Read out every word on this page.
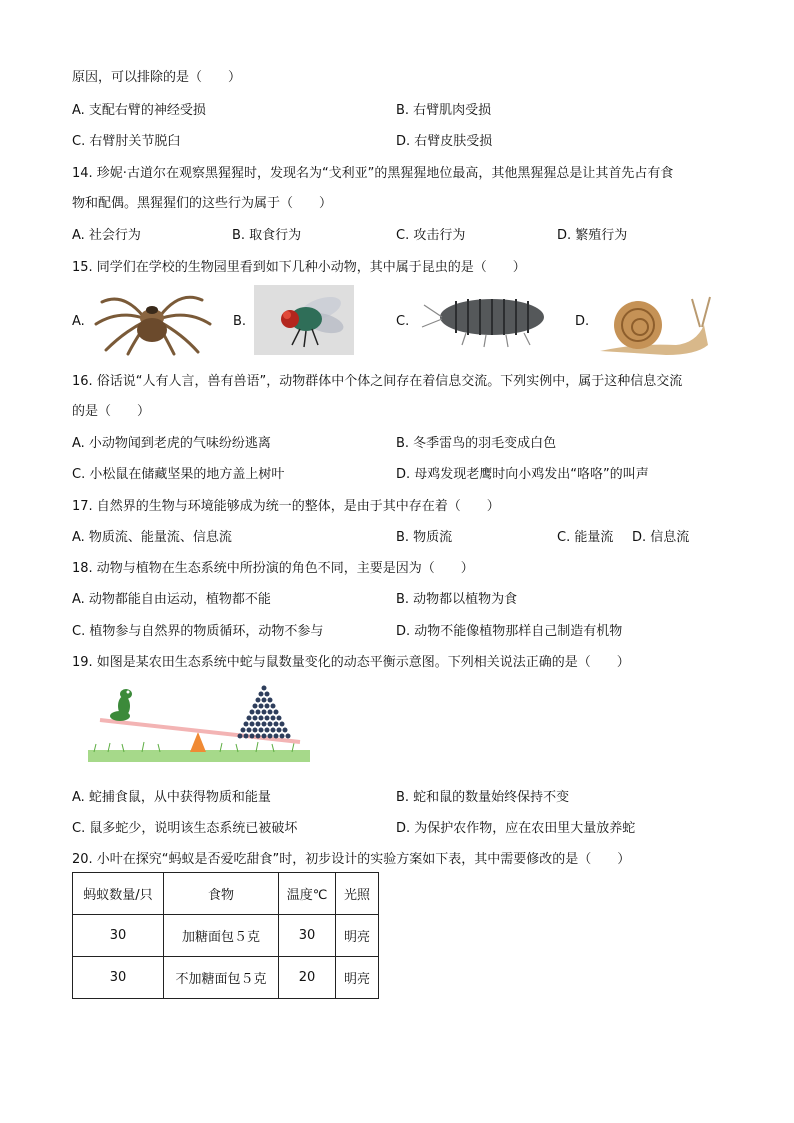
原因，可以排除的是（　　）
A. 支配右臂的神经受损	B. 右臂肌肉受损
C. 右臂肘关节脱臼	D. 右臂皮肤受损
14. 珍妮·古道尔在观察黑猩猩时，发现名为“戈利亚”的黑猩猩地位最高，其他黑猩猩总是让其首先占有食
物和配偶。黑猩猩们的这些行为属于（　　）
A. 社会行为	B. 取食行为	C. 攻击行为	D. 繁殖行为
15. 同学们在学校的生物园里看到如下几种小动物，其中属于昆虫的是（　　）
A.	B.	C.	D.
16. 俗话说“人有人言，兽有兽语”，动物群体中个体之间存在着信息交流。下列实例中，属于这种信息交流
的是（　　）
A. 小动物闻到老虎的气味纷纷逃离	B. 冬季雷鸟的羽毛变成白色
C. 小松鼠在储藏坚果的地方盖上树叶	D. 母鸡发现老鹰时向小鸡发出“咯咯”的叫声
17. 自然界的生物与环境能够成为统一的整体，是由于其中存在着（　　）
A. 物质流、能量流、信息流	B. 物质流	C. 能量流 D. 信息流
18. 动物与植物在生态系统中所扮演的角色不同，主要是因为（　　）
A. 动物都能自由运动，植物都不能	B. 动物都以植物为食
C. 植物参与自然界的物质循环，动物不参与	D. 动物不能像植物那样自己制造有机物
19. 如图是某农田生态系统中蛇与鼠数量变化的动态平衡示意图。下列相关说法正确的是（　　）
A. 蛇捕食鼠，从中获得物质和能量	B. 蛇和鼠的数量始终保持不变
C. 鼠多蛇少，说明该生态系统已被破坏	D. 为保护农作物，应在农田里大量放养蛇
20. 小叶在探究“蚂蚁是否爱吃甜食”时，初步设计的实验方案如下表，其中需要修改的是（　　）
蚂蚁数量/只	食物	温度℃	光照
30	加糖面包５克	30	明亮
30	不加糖面包５克	20	明亮
